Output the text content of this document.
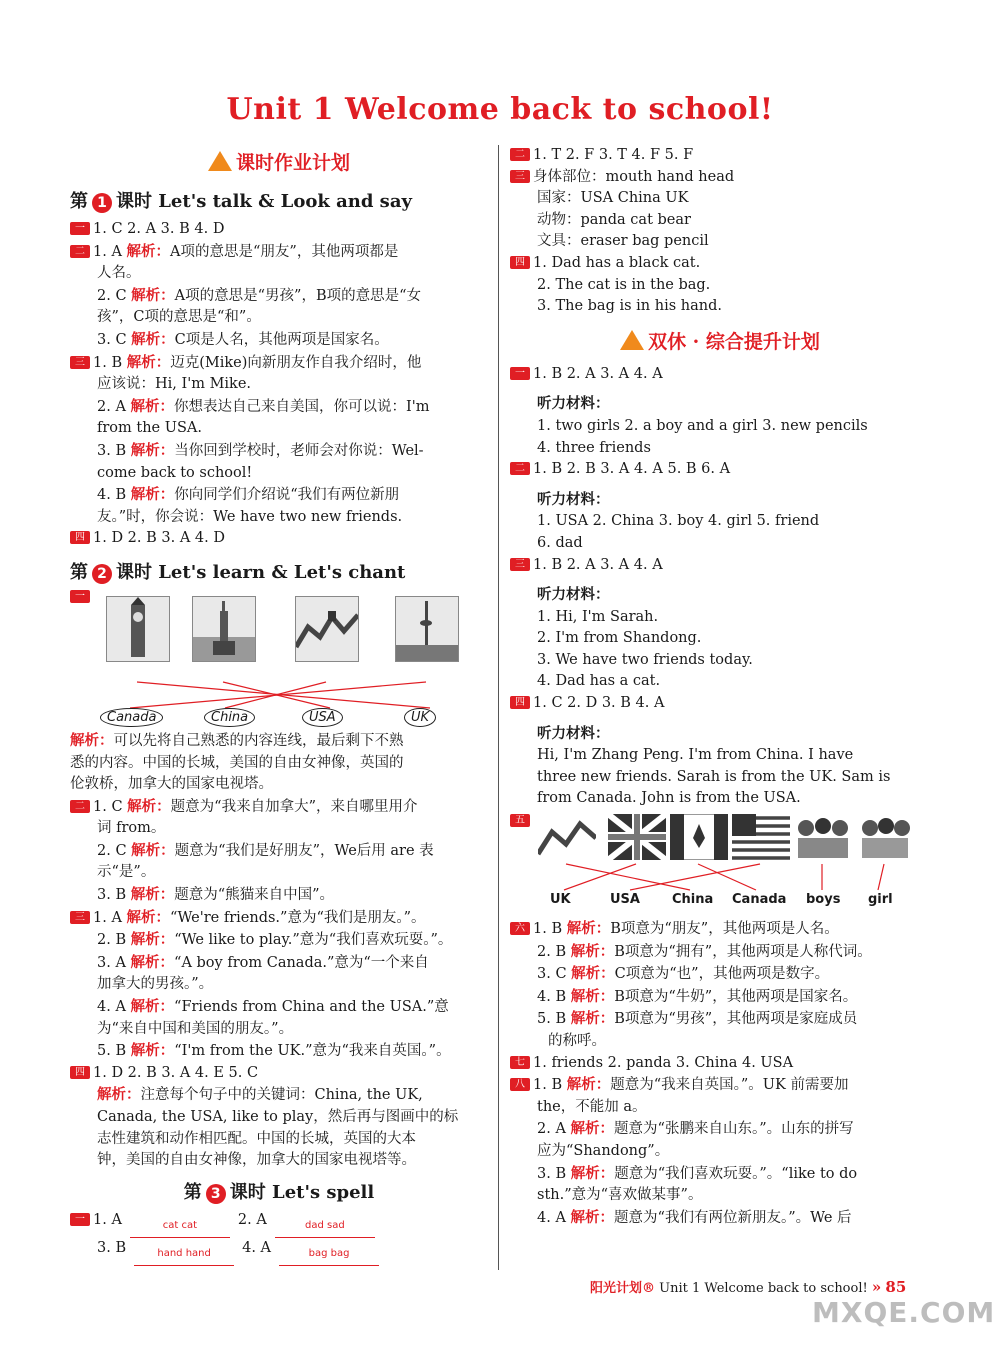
Unit 1 Welcome back to school!
课时作业计划
第 1 课时 Let's talk & Look and say
一 1. C 2. A 3. B 4. D
二 1. A 解析：A项的意思是“朋友”，其他两项都是
人名。
2. C 解析：A项的意思是“男孩”，B项的意思是“女
孩”，C项的意思是“和”。
3. C 解析：C项是人名，其他两项是国家名。
三 1. B 解析：迈克(Mike)向新朋友作自我介绍时，他
应该说：Hi, I'm Mike.
2. A 解析：你想表达自己来自美国，你可以说：I'm
from the USA.
3. B 解析：当你回到学校时，老师会对你说：Wel-
come back to school!
4. B 解析：你向同学们介绍说“我们有两位新朋
友。”时，你会说：We have two new friends.
四 1. D 2. B 3. A 4. D
第 2 课时 Let's learn & Let's chant
一
Canada	China	USA	UK
解析：可以先将自己熟悉的内容连线，最后剩下不熟
悉的内容。中国的长城，美国的自由女神像，英国的
伦敦桥，加拿大的国家电视塔。
二 1. C 解析：题意为“我来自加拿大”，来自哪里用介
词 from。
2. C 解析：题意为“我们是好朋友”，We后用 are 表
示“是”。
3. B 解析：题意为“熊猫来自中国”。
三 1. A 解析：“We're friends.”意为“我们是朋友。”。
2. B 解析：“We like to play.”意为“我们喜欢玩耍。”。
3. A 解析：“A boy from Canada.”意为“一个来自
加拿大的男孩。”。
4. A 解析：“Friends from China and the USA.”意
为“来自中国和美国的朋友。”。
5. B 解析：“I'm from the UK.”意为“我来自英国。”。
四 1. D 2. B 3. A 4. E 5. C
解析：注意每个句子中的关键词：China, the UK,
Canada, the USA, like to play，然后再与图画中的标
志性建筑和动作相匹配。中国的长城，英国的大本
钟，美国的自由女神像，加拿大的国家电视塔等。
第 3 课时 Let's spell
一 1. A	cat cat	2. A	dad sad
3. B	hand hand 4. A	bag bag
二 1. T 2. F 3. T 4. F 5. F
三 身体部位：mouth hand head
国家：USA China UK
动物：panda cat bear
文具：eraser bag pencil
四 1. Dad has a black cat.
2. The cat is in the bag.
3. The bag is in his hand.
双休 · 综合提升计划
一 1. B 2. A 3. A 4. A
听力材料：
1. two girls 2. a boy and a girl 3. new pencils
4. three friends
二 1. B 2. B 3. A 4. A 5. B 6. A
听力材料：
1. USA 2. China 3. boy 4. girl 5. friend
6. dad
三 1. B 2. A 3. A 4. A
听力材料：
1. Hi, I'm Sarah.
2. I'm from Shandong.
3. We have two friends today.
4. Dad has a cat.
四 1. C 2. D 3. B 4. A
听力材料：
Hi, I'm Zhang Peng. I'm from China. I have
three new friends. Sarah is from the UK. Sam is
from Canada. John is from the USA.
五
UK	USA China Canada boys girl
六 1. B 解析：B项意为“朋友”，其他两项是人名。
2. B 解析：B项意为“拥有”，其他两项是人称代词。
3. C 解析：C项意为“也”，其他两项是数字。
4. B 解析：B项意为“牛奶”，其他两项是国家名。
5. B 解析：B项意为“男孩”，其他两项是家庭成员
的称呼。
七 1. friends 2. panda 3. China 4. USA
八 1. B 解析：题意为“我来自英国。”。UK 前需要加
the，不能加 a。
2. A 解析：题意为“张鹏来自山东。”。山东的拼写
应为“Shandong”。
3. B 解析：题意为“我们喜欢玩耍。”。“like to do
sth.”意为“喜欢做某事”。
4. A 解析：题意为“我们有两位新朋友。”。We 后
阳光计划® Unit 1 Welcome back to school! » 85
MXQE.COM
